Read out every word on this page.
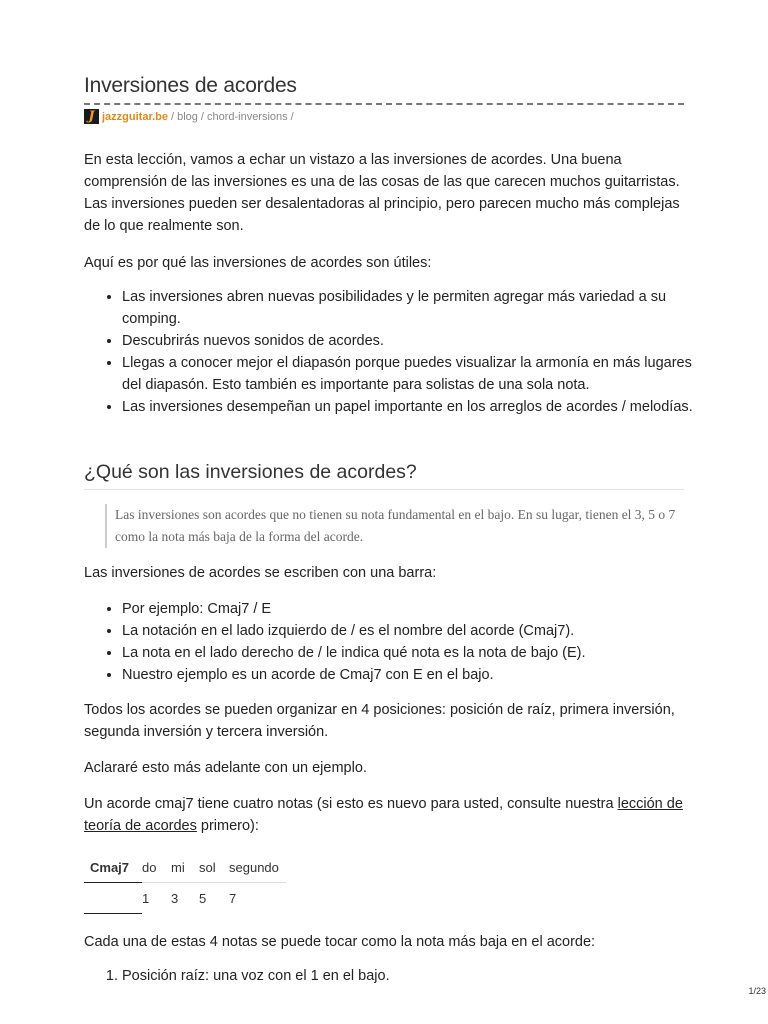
Inversiones de acordes
J jazzguitar.be / blog / chord-inversions /

En esta lección, vamos a echar un vistazo a las inversiones de acordes. Una buena comprensión de las inversiones es una de las cosas de las que carecen muchos guitarristas. Las inversiones pueden ser desalentadoras al principio, pero parecen mucho más complejas de lo que realmente son.

Aquí es por qué las inversiones de acordes son útiles:

• Las inversiones abren nuevas posibilidades y le permiten agregar más variedad a su comping.
• Descubrirás nuevos sonidos de acordes.
• Llegas a conocer mejor el diapasón porque puedes visualizar la armonía en más lugares del diapasón. Esto también es importante para solistas de una sola nota.
• Las inversiones desempeñan un papel importante en los arreglos de acordes / melodías.
¿Qué son las inversiones de acordes?
Las inversiones son acordes que no tienen su nota fundamental en el bajo. En su lugar, tienen el 3, 5 o 7 como la nota más baja de la forma del acorde.

Las inversiones de acordes se escriben con una barra:

• Por ejemplo: Cmaj7 / E
• La notación en el lado izquierdo de / es el nombre del acorde (Cmaj7).
• La nota en el lado derecho de / le indica qué nota es la nota de bajo (E).
• Nuestro ejemplo es un acorde de Cmaj7 con E en el bajo.

Todos los acordes se pueden organizar en 4 posiciones: posición de raíz, primera inversión, segunda inversión y tercera inversión.

Aclararé esto más adelante con un ejemplo.

Un acorde cmaj7 tiene cuatro notas (si esto es nuevo para usted, consulte nuestra lección de teoría de acordes primero):

Cmaj7	do	mi	sol	segundo
	1	3	5	7

Cada una de estas 4 notas se puede tocar como la nota más baja en el acorde:

1. Posición raíz: una voz con el 1 en el bajo.
1/23
